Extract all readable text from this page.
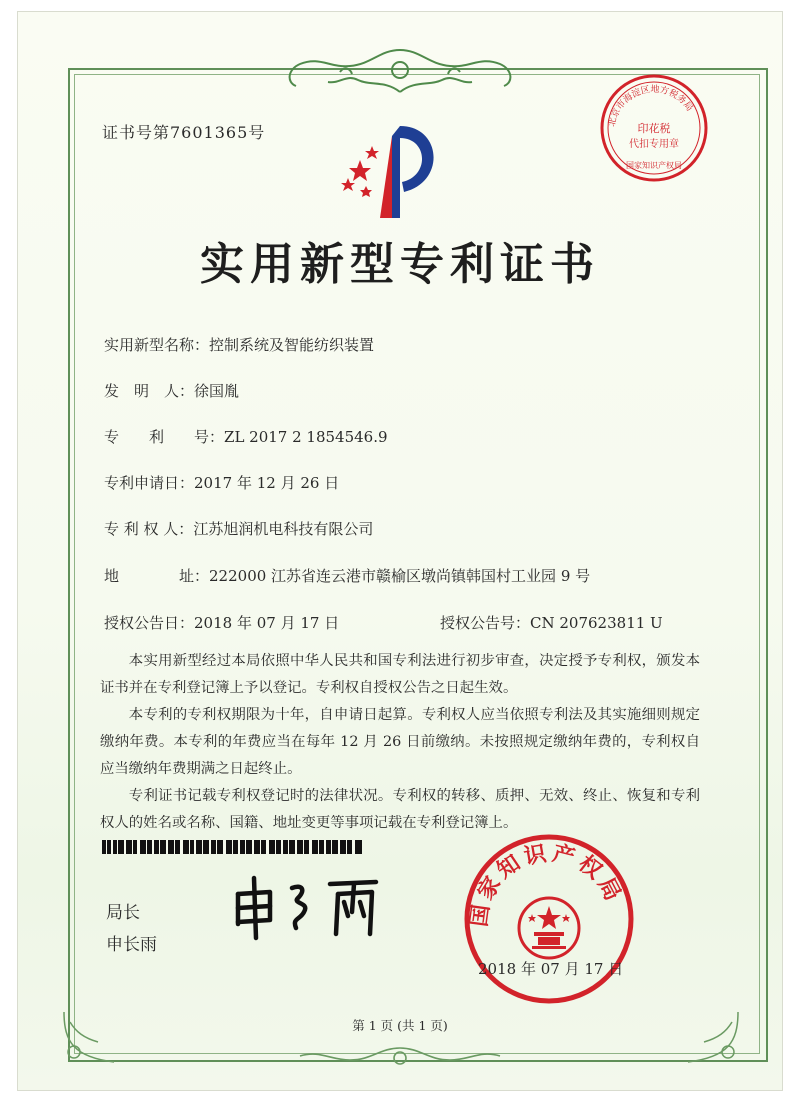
北京市海淀区地方税务局
印花税
代扣专用章
国家知识产权局
证书号第7601365号
实用新型专利证书
实用新型名称：控制系统及智能纺织装置
发　明　人：徐国胤
专　　利　　号：ZL 2017 2 1854546.9
专利申请日：2017 年 12 月 26 日
专 利 权 人：江苏旭润机电科技有限公司
地　　　　址：222000 江苏省连云港市赣榆区墩尚镇韩国村工业园 9 号
授权公告日：2018 年 07 月 17 日	授权公告号：CN 207623811 U

本实用新型经过本局依照中华人民共和国专利法进行初步审查，决定授予专利权，颁发本证书并在专利登记簿上予以登记。专利权自授权公告之日起生效。

本专利的专利权期限为十年，自申请日起算。专利权人应当依照专利法及其实施细则规定缴纳年费。本专利的年费应当在每年 12 月 26 日前缴纳。未按照规定缴纳年费的，专利权自应当缴纳年费期满之日起终止。

专利证书记载专利权登记时的法律状况。专利权的转移、质押、无效、终止、恢复和专利权人的姓名或名称、国籍、地址变更等事项记载在专利登记簿上。

局长
申长雨
国家知识产权局
2018 年 07 月 17 日
第 1 页 (共 1 页)
